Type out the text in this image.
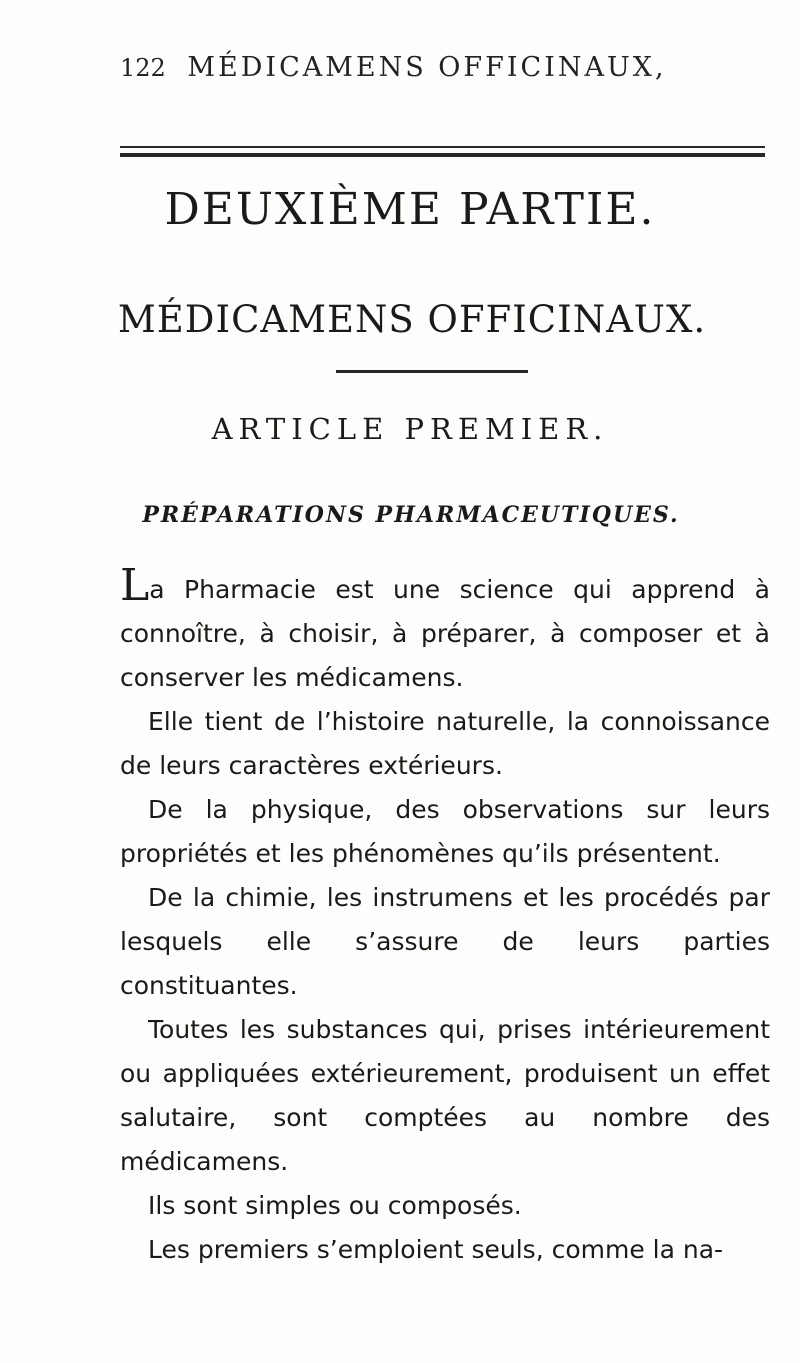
122 MÉDICAMENS OFFICINAUX,
DEUXIÈME PARTIE.
MÉDICAMENS OFFICINAUX.
ARTICLE PREMIER.
PRÉPARATIONS PHARMACEUTIQUES.

La Pharmacie est une science qui apprend à connoître, à choisir, à préparer, à composer et à conserver les médicamens.

Elle tient de l’histoire naturelle, la connoissance de leurs caractères extérieurs.

De la physique, des observations sur leurs propriétés et les phénomènes qu’ils présentent.

De la chimie, les instrumens et les procédés par lesquels elle s’assure de leurs parties constituantes.

Toutes les substances qui, prises intérieurement ou appliquées extérieurement, produisent un effet salutaire, sont comptées au nombre des médicamens.

Ils sont simples ou composés.

Les premiers s’emploient seuls, comme la na-
